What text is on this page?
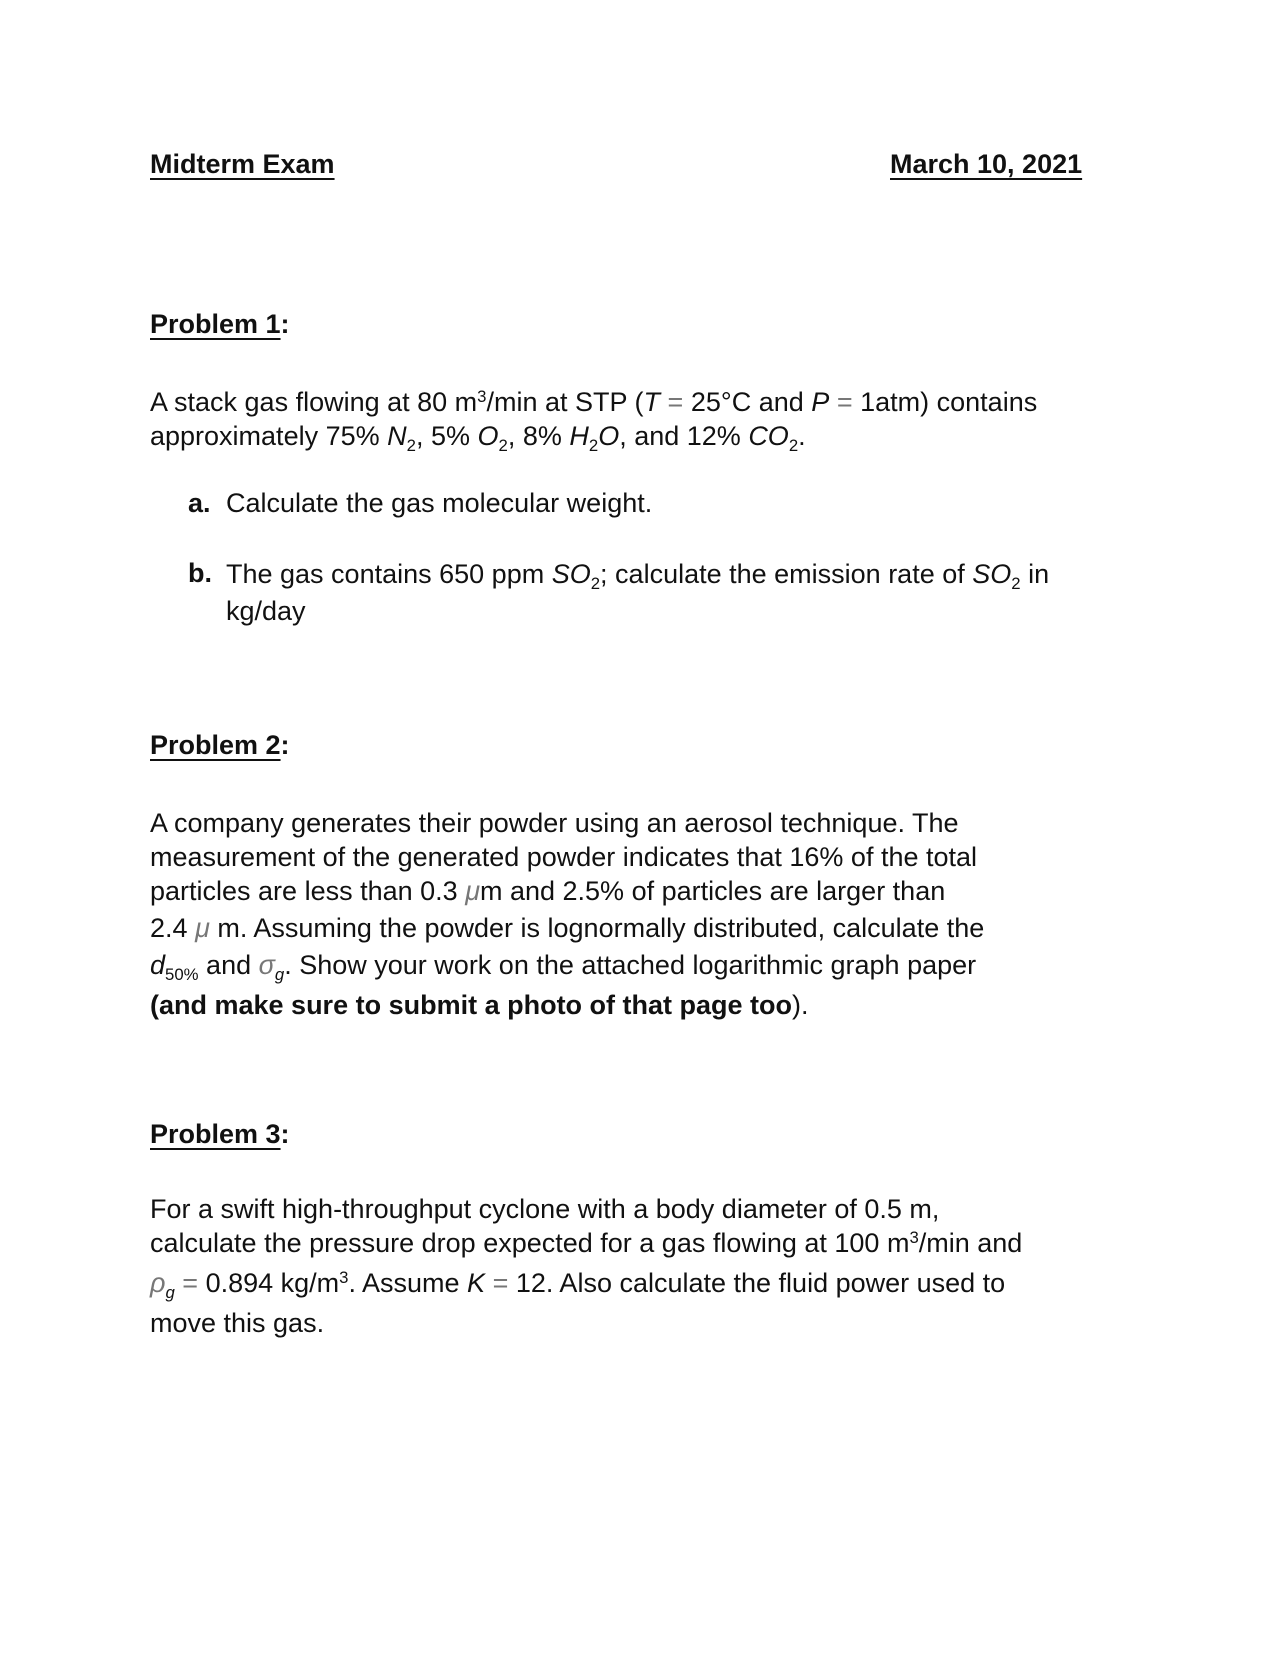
Midterm Exam	March 10, 2021
Problem 1:

A stack gas flowing at 80 $m^3/\min$ at STP (T = 25°C and P = 1atm) contains

approximately 75% $N_2$, 5% $O_2$, 8% $H_2O$, and 12% $CO_2$.

a. Calculate the gas molecular weight.
b. The gas contains 650 ppm $SO_2$; calculate the emission rate of $SO_2$ in
kg/day
Problem 2:

A company generates their powder using an aerosol technique. The

measurement of the generated powder indicates that 16% of the total

particles are less than 0.3 μm and 2.5% of particles are larger than

2.4 μ m. Assuming the powder is lognormally distributed, calculate the

$d_{50\%}$ and $\sigma_g$. Show your work on the attached logarithmic graph paper

(and make sure to submit a photo of that page too).

Problem 3:

For a swift high-throughput cyclone with a body diameter of 0.5 m,

calculate the pressure drop expected for a gas flowing at 100 $m^3/\min$ and

$\rho_g = 0.894$ $kg/m^3$. Assume K = 12. Also calculate the fluid power used to

move this gas.
